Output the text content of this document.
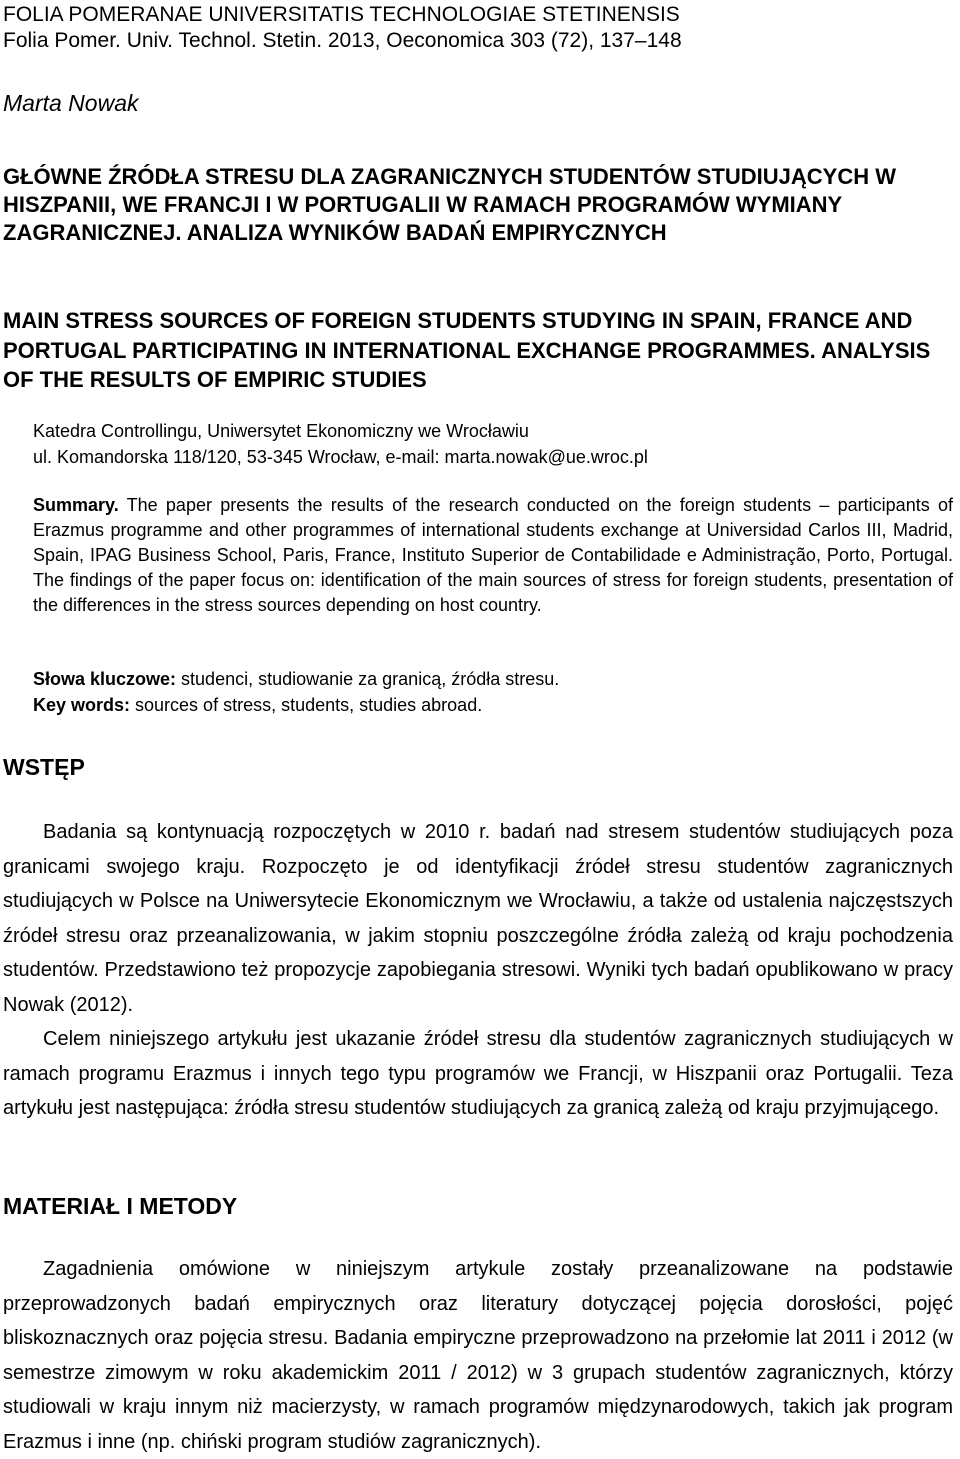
FOLIA POMERANAE UNIVERSITATIS TECHNOLOGIAE STETINENSIS
Folia Pomer. Univ. Technol. Stetin. 2013, Oeconomica 303 (72), 137–148
Marta Nowak
GŁÓWNE ŹRÓDŁA STRESU DLA ZAGRANICZNYCH STUDENTÓW STUDIUJĄCYCH W HISZPANII, WE FRANCJI I W PORTUGALII W RAMACH PROGRAMÓW WYMIANY ZAGRANICZNEJ. ANALIZA WYNIKÓW BADAŃ EMPIRYCZNYCH
MAIN STRESS SOURCES OF FOREIGN STUDENTS STUDYING IN SPAIN, FRANCE AND PORTUGAL PARTICIPATING IN INTERNATIONAL EXCHANGE PROGRAMMES. ANALYSIS OF THE RESULTS OF EMPIRIC STUDIES
Katedra Controllingu, Uniwersytet Ekonomiczny we Wrocławiu
ul. Komandorska 118/120, 53-345 Wrocław, e-mail: marta.nowak@ue.wroc.pl
Summary. The paper presents the results of the research conducted on the foreign students – participants of Erazmus programme and other programmes of international students exchange at Universidad Carlos III, Madrid, Spain, IPAG Business School, Paris, France, Instituto Superior de Contabilidade e Administração, Porto, Portugal. The findings of the paper focus on: identification of the main sources of stress for foreign students, presentation of the differences in the stress sources depending on host country.
Słowa kluczowe: studenci, studiowanie za granicą, źródła stresu.
Key words: sources of stress, students, studies abroad.
WSTĘP

Badania są kontynuacją rozpoczętych w 2010 r. badań nad stresem studentów studiujących poza granicami swojego kraju. Rozpoczęto je od identyfikacji źródeł stresu studentów zagranicznych studiujących w Polsce na Uniwersytecie Ekonomicznym we Wrocławiu, a także od ustalenia najczęstszych źródeł stresu oraz przeanalizowania, w jakim stopniu poszczególne źródła zależą od kraju pochodzenia studentów. Przedstawiono też propozycje zapobiegania stresowi. Wyniki tych badań opublikowano w pracy Nowak (2012).

Celem niniejszego artykułu jest ukazanie źródeł stresu dla studentów zagranicznych studiujących w ramach programu Erazmus i innych tego typu programów we Francji, w Hiszpanii oraz Portugalii. Teza artykułu jest następująca: źródła stresu studentów studiujących za granicą zależą od kraju przyjmującego.

MATERIAŁ I METODY

Zagadnienia omówione w niniejszym artykule zostały przeanalizowane na podstawie przeprowadzonych badań empirycznych oraz literatury dotyczącej pojęcia dorosłości, pojęć bliskoznacznych oraz pojęcia stresu. Badania empiryczne przeprowadzono na przełomie lat 2011 i 2012 (w semestrze zimowym w roku akademickim 2011 / 2012) w 3 grupach studentów zagranicznych, którzy studiowali w kraju innym niż macierzysty, w ramach programów międzynarodowych, takich jak program Erazmus i inne (np. chiński program studiów zagranicznych).
